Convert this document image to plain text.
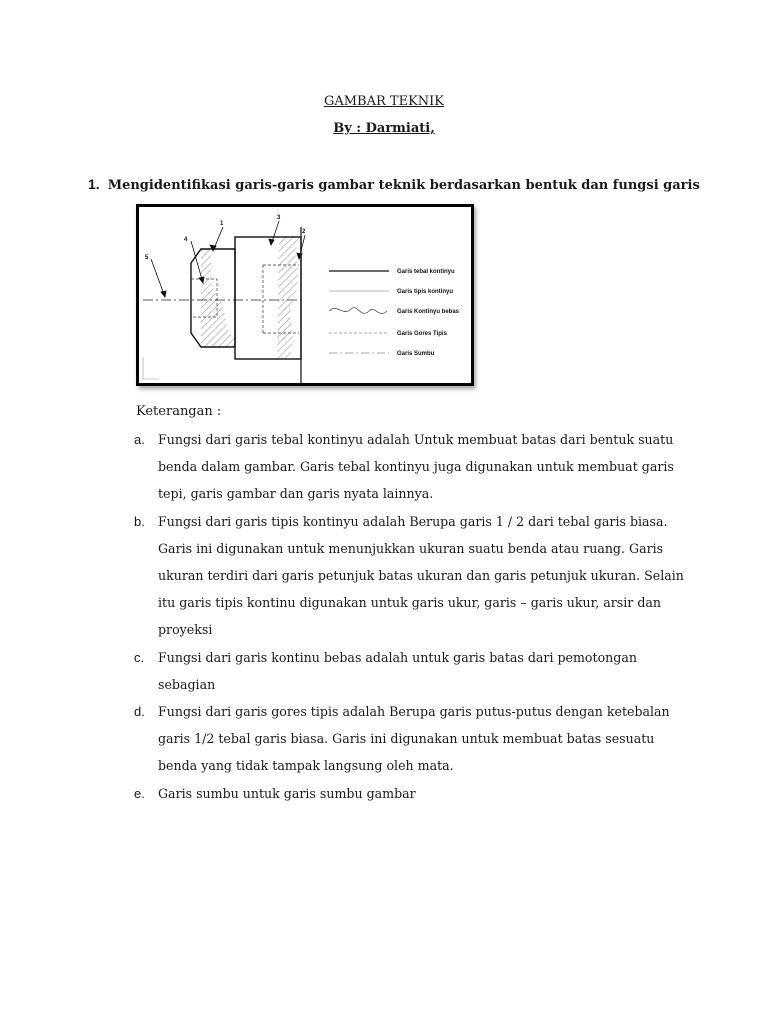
GAMBAR TEKNIK
By : Darmiati,
1. Mengidentifikasi garis-garis gambar teknik berdasarkan bentuk dan fungsi garis
1
2
3
4
5
Garis tebal kontinyu
Garis tipis kontinyu
Garis Kontinyu bebas
Garis Gores Tipis
Garis Sumbu
Keterangan :
a. Fungsi dari garis tebal kontinyu adalah Untuk membuat batas dari bentuk suatu benda dalam gambar. Garis tebal kontinyu juga digunakan untuk membuat garis tepi, garis gambar dan garis nyata lainnya.
b. Fungsi dari garis tipis kontinyu adalah Berupa garis 1 / 2 dari tebal garis biasa. Garis ini digunakan untuk menunjukkan ukuran suatu benda atau ruang. Garis ukuran terdiri dari garis petunjuk batas ukuran dan garis petunjuk ukuran. Selain itu garis tipis kontinu digunakan untuk garis ukur, garis – garis ukur, arsir dan proyeksi
c. Fungsi dari garis kontinu bebas adalah untuk garis batas dari pemotongan sebagian
d. Fungsi dari garis gores tipis adalah Berupa garis putus-putus dengan ketebalan garis 1/2 tebal garis biasa. Garis ini digunakan untuk membuat batas sesuatu benda yang tidak tampak langsung oleh mata.
e. Garis sumbu untuk garis sumbu gambar
